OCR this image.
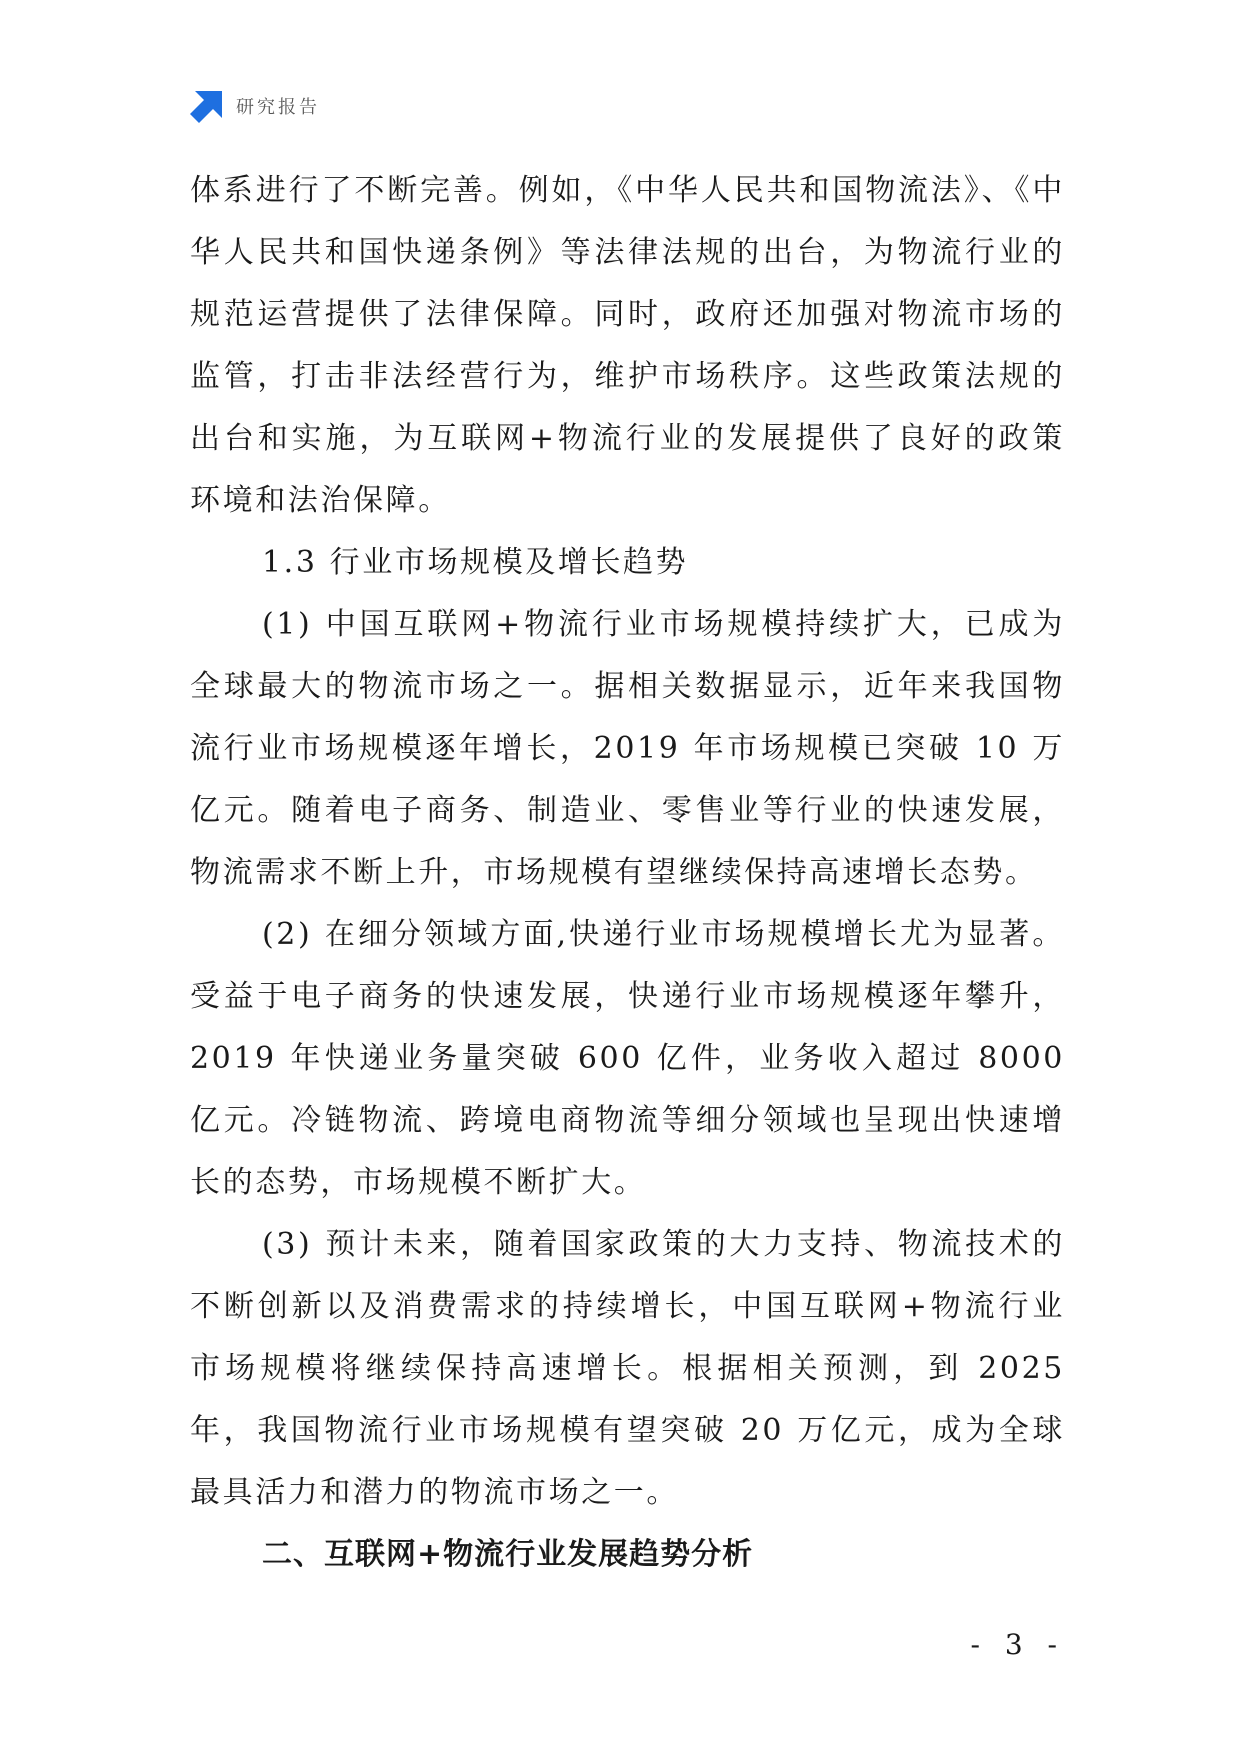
研究报告

体系进行了不断完善。例如，《中华人民共和国物流法》、《中华人民共和国快递条例》等法律法规的出台，为物流行业的规范运营提供了法律保障。同时，政府还加强对物流市场的监管，打击非法经营行为，维护市场秩序。这些政策法规的出台和实施，为互联网+物流行业的发展提供了良好的政策环境和法治保障。

1.3 行业市场规模及增长趋势

(1) 中国互联网+物流行业市场规模持续扩大，已成为全球最大的物流市场之一。据相关数据显示，近年来我国物流行业市场规模逐年增长，2019 年市场规模已突破 10 万亿元。随着电子商务、制造业、零售业等行业的快速发展，物流需求不断上升，市场规模有望继续保持高速增长态势。

(2) 在细分领域方面,快递行业市场规模增长尤为显著。受益于电子商务的快速发展，快递行业市场规模逐年攀升，2019 年快递业务量突破 600 亿件，业务收入超过 8000 亿元。冷链物流、跨境电商物流等细分领域也呈现出快速增长的态势，市场规模不断扩大。

(3) 预计未来，随着国家政策的大力支持、物流技术的不断创新以及消费需求的持续增长，中国互联网+物流行业市场规模将继续保持高速增长。根据相关预测，到 2025 年，我国物流行业市场规模有望突破 20 万亿元，成为全球最具活力和潜力的物流市场之一。

二、互联网+物流行业发展趋势分析

- 3 -
